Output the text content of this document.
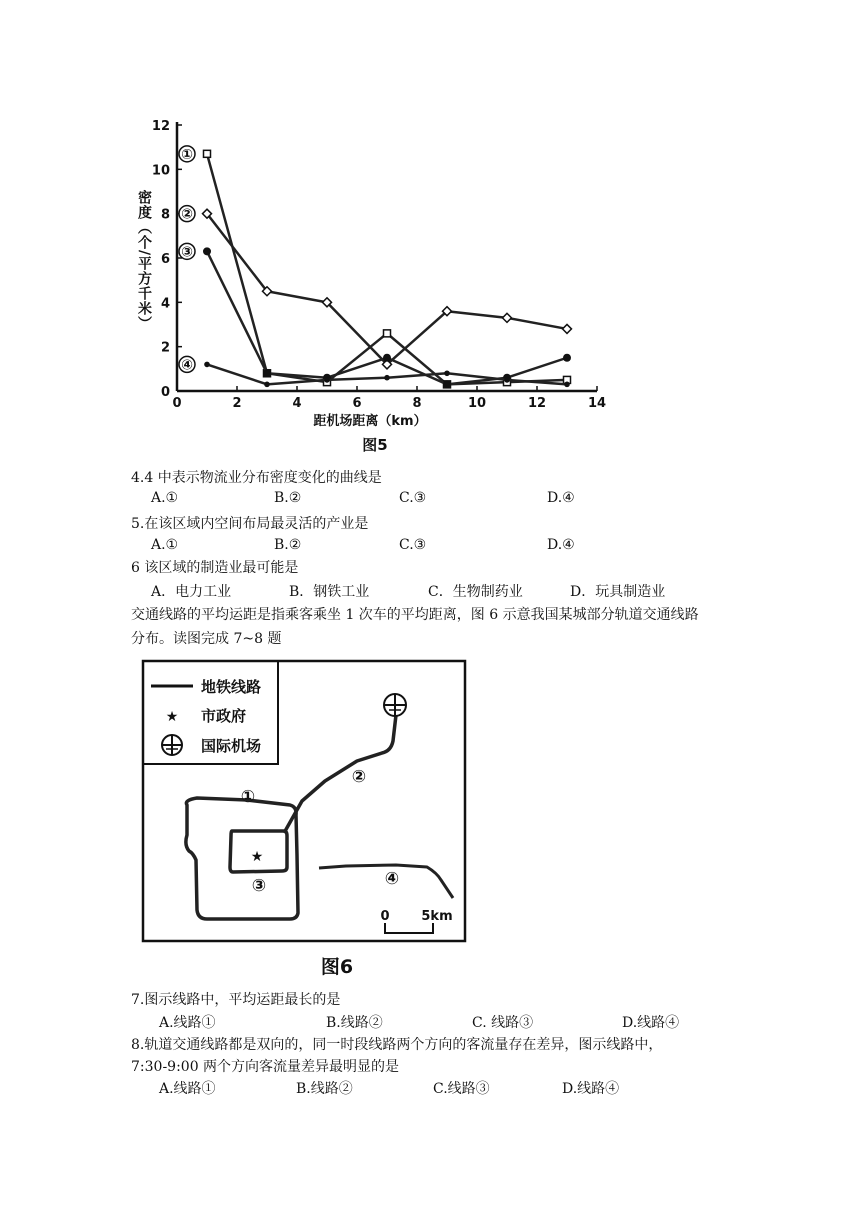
0	2	4	6	8	10	12	14
0
2
4
6
8
10
12
①
②
③
④
密度（个/平方千米）
距机场距离（km）
图5
4.4 中表示物流业分布密度变化的曲线是
A.①	B.②	C.③	D.④
5.在该区域内空间布局最灵活的产业是
A.①	B.②	C.③	D.④
6 该区域的制造业最可能是
A．电力工业	B．钢铁工业	C．生物制药业	D．玩具制造业
交通线路的平均运距是指乘客乘坐 1 次车的平均距离，图 6 示意我国某城部分轨道交通线路
分布。读图完成 7~8 题
地铁线路
★ 市政府
国际机场
★
①
②
③	④
0 5km
图6
7.图示线路中，平均运距最长的是
A.线路①	B.线路②	C. 线路③	D.线路④
8.轨道交通线路都是双向的，同一时段线路两个方向的客流量存在差异，图示线路中，
7:30-9:00 两个方向客流量差异最明显的是
A.线路①	B.线路②	C.线路③	D.线路④
